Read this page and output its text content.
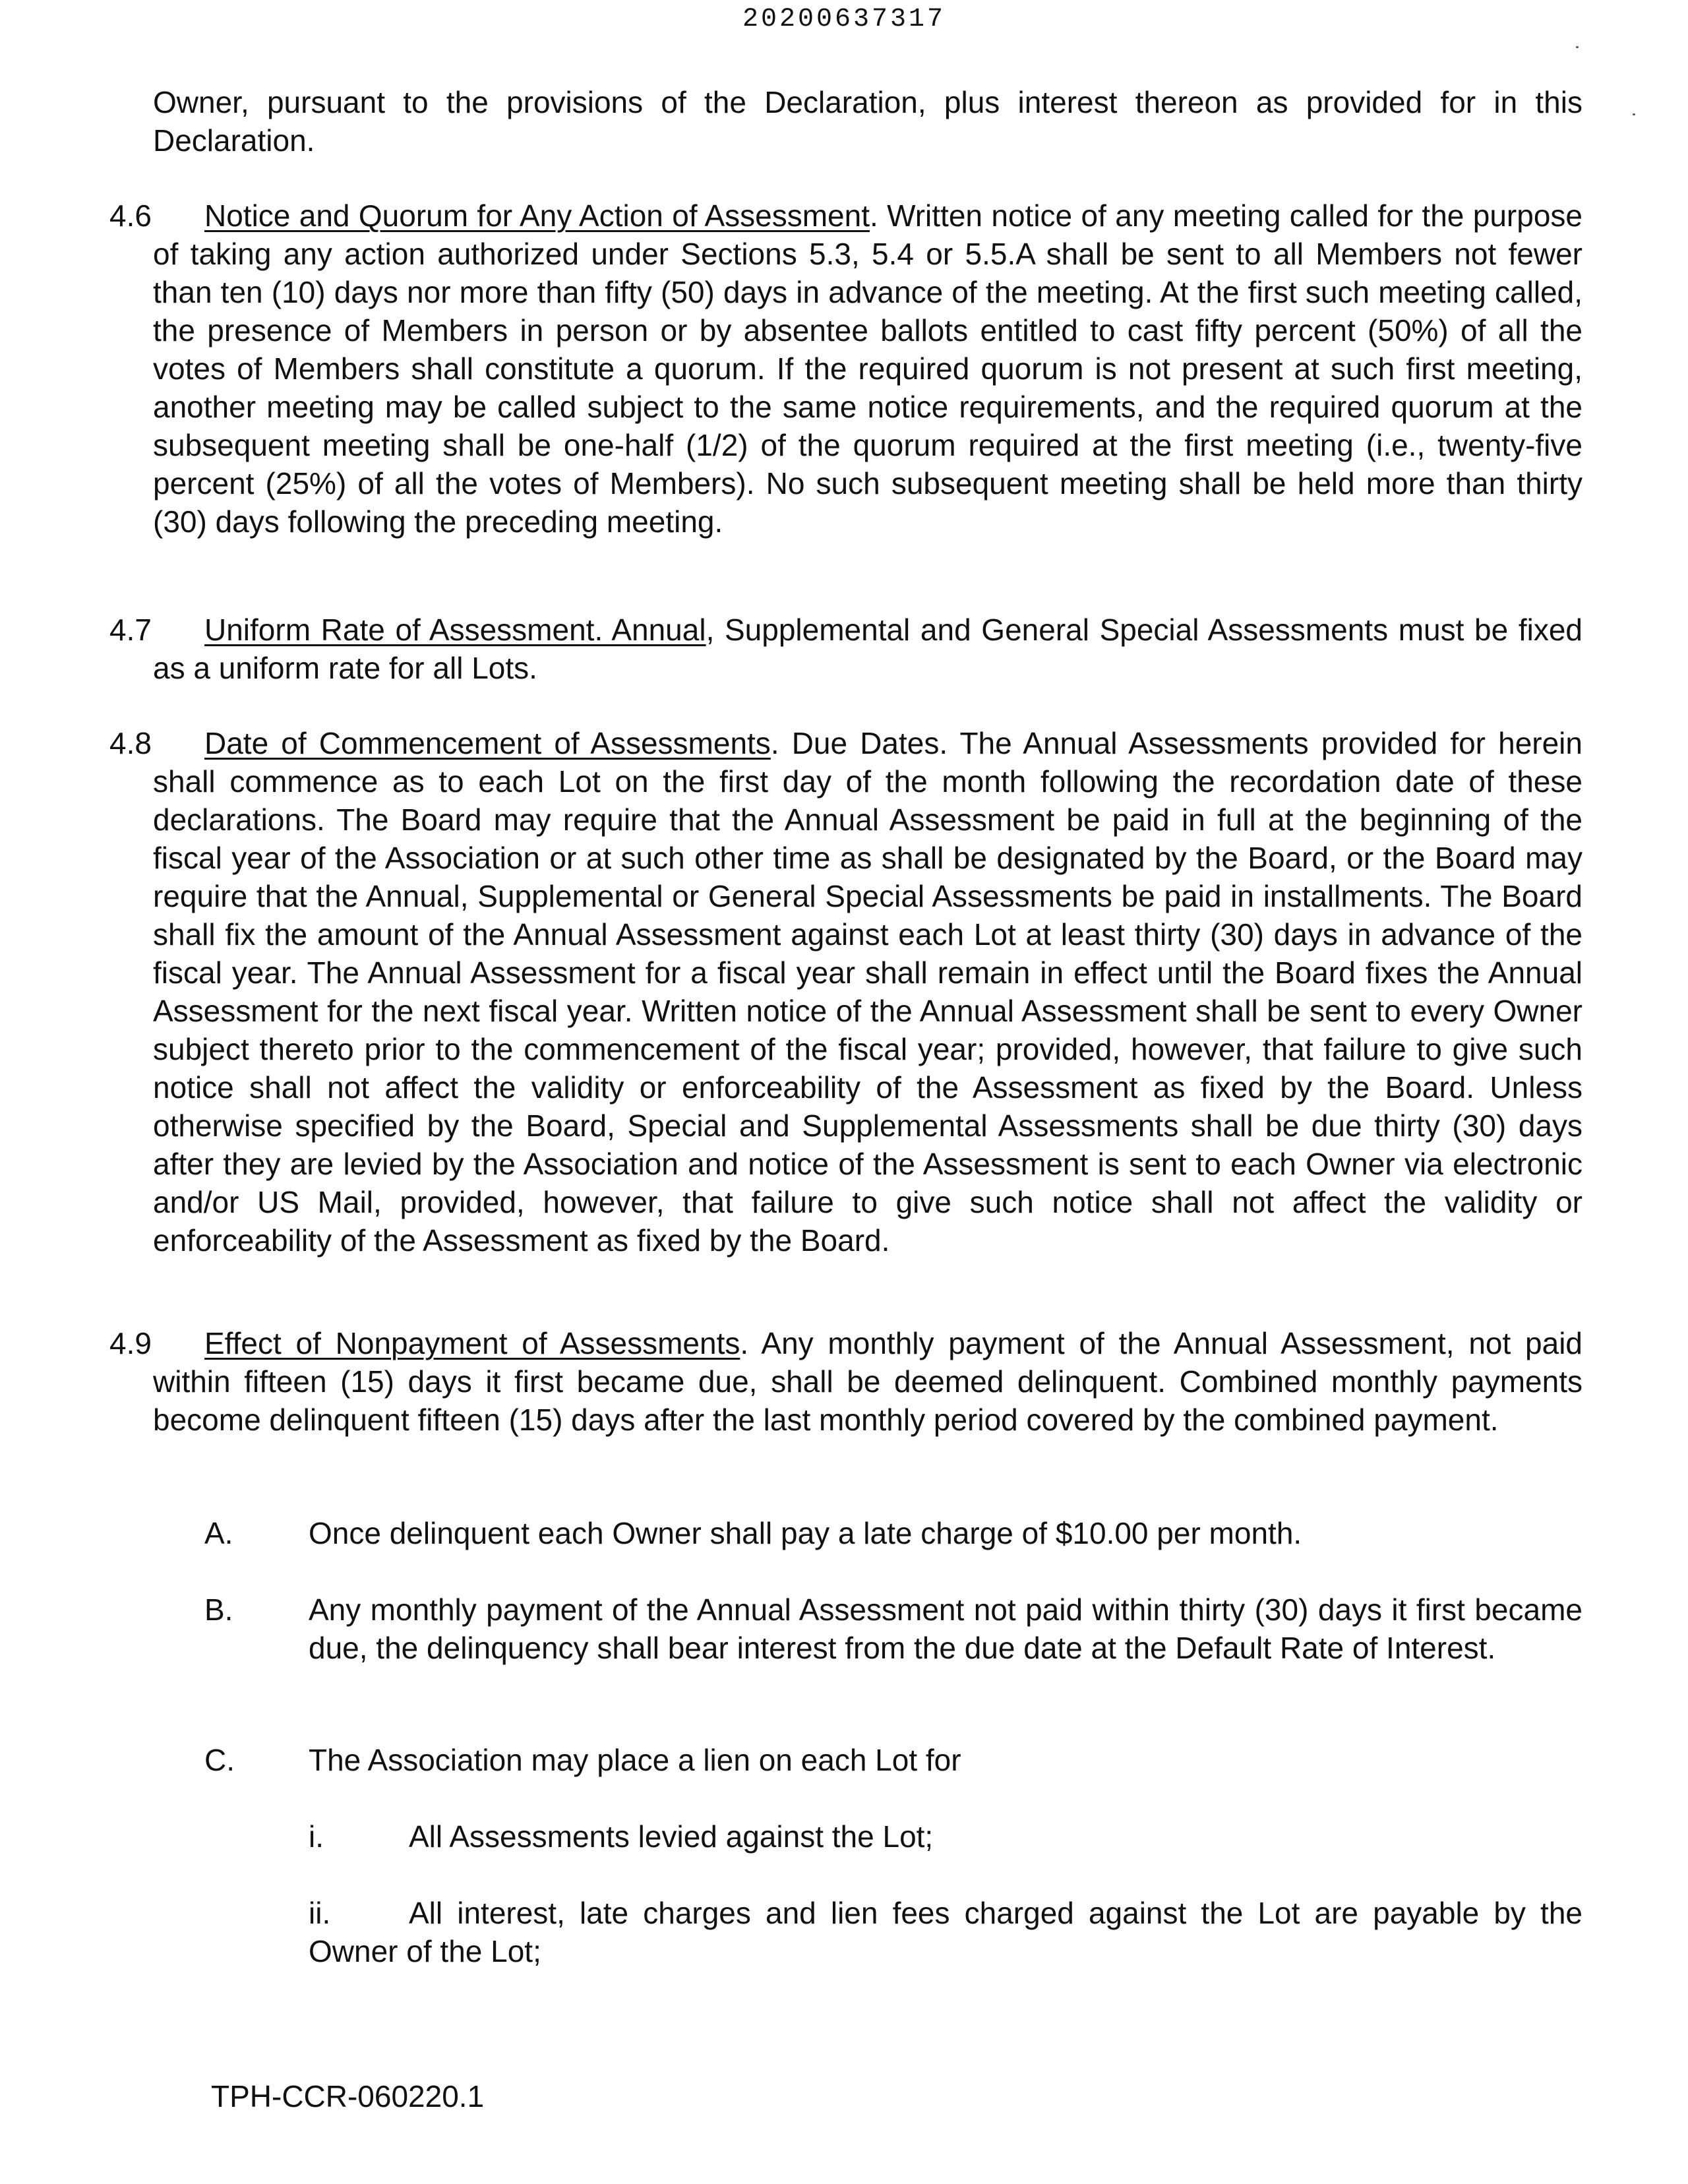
20200637317
Owner, pursuant to the provisions of the Declaration, plus interest thereon as provided for in this Declaration.
4.6 Notice and Quorum for Any Action of Assessment. Written notice of any meeting called for the purpose of taking any action authorized under Sections 5.3, 5.4 or 5.5.A shall be sent to all Members not fewer than ten (10) days nor more than fifty (50) days in advance of the meeting. At the first such meeting called, the presence of Members in person or by absentee ballots entitled to cast fifty percent (50%) of all the votes of Members shall constitute a quorum. If the required quorum is not present at such first meeting, another meeting may be called subject to the same notice requirements, and the required quorum at the subsequent meeting shall be one-half (1/2) of the quorum required at the first meeting (i.e., twenty-five percent (25%) of all the votes of Members). No such subsequent meeting shall be held more than thirty (30) days following the preceding meeting.
4.7 Uniform Rate of Assessment. Annual, Supplemental and General Special Assessments must be fixed as a uniform rate for all Lots.
4.8 Date of Commencement of Assessments. Due Dates. The Annual Assessments provided for herein shall commence as to each Lot on the first day of the month following the recordation date of these declarations. The Board may require that the Annual Assessment be paid in full at the beginning of the fiscal year of the Association or at such other time as shall be designated by the Board, or the Board may require that the Annual, Supplemental or General Special Assessments be paid in installments. The Board shall fix the amount of the Annual Assessment against each Lot at least thirty (30) days in advance of the fiscal year. The Annual Assessment for a fiscal year shall remain in effect until the Board fixes the Annual Assessment for the next fiscal year. Written notice of the Annual Assessment shall be sent to every Owner subject thereto prior to the commencement of the fiscal year; provided, however, that failure to give such notice shall not affect the validity or enforceability of the Assessment as fixed by the Board. Unless otherwise specified by the Board, Special and Supplemental Assessments shall be due thirty (30) days after they are levied by the Association and notice of the Assessment is sent to each Owner via electronic and/or US Mail, provided, however, that failure to give such notice shall not affect the validity or enforceability of the Assessment as fixed by the Board.
4.9 Effect of Nonpayment of Assessments. Any monthly payment of the Annual Assessment, not paid within fifteen (15) days it first became due, shall be deemed delinquent. Combined monthly payments become delinquent fifteen (15) days after the last monthly period covered by the combined payment.
A. Once delinquent each Owner shall pay a late charge of $10.00 per month.
B. Any monthly payment of the Annual Assessment not paid within thirty (30) days it first became due, the delinquency shall bear interest from the due date at the Default Rate of Interest.
C. The Association may place a lien on each Lot for
i.	All Assessments levied against the Lot;
ii.	All interest, late charges and lien fees charged against the Lot are payable by the Owner of the Lot;
TPH-CCR-060220.1
